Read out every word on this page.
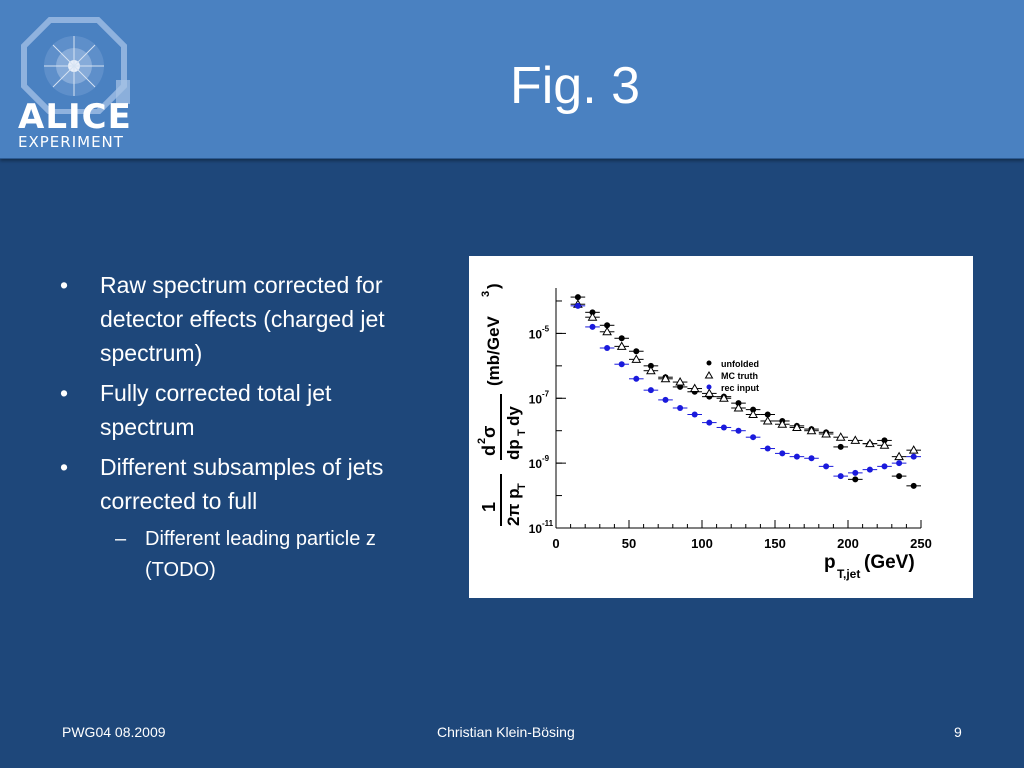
ALICE
EXPERIMENT
Fig. 3
• Raw spectrum corrected for detector effects (charged jet spectrum)
• Fully corrected total jet spectrum
• Different subsamples of jets corrected to full
– Different leading particle z (TODO)
0	50	100	150	200	250
10 -5
10 -7
10 -9
10 -11
p
T,jet
(GeV)
1 2π p
T
d
2
σ
dp
T
dy
(mb/GeV
3
)
unfolded
MC truth
rec input
PWG04 08.2009	Christian Klein-Bösing	9
